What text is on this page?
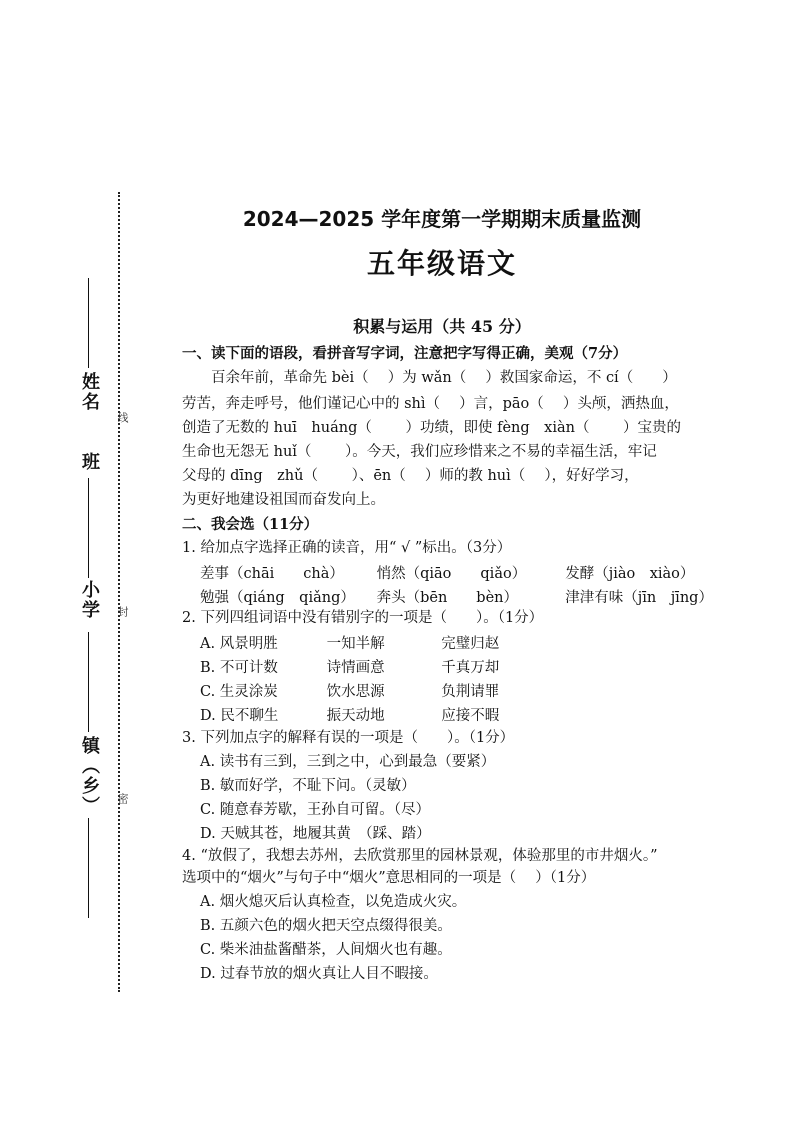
线
封
密
姓名
班
小学
镇（乡）
2024—2025 学年度第一学期期末质量监测
五年级语文
积累与运用（共 45 分）
一、读下面的语段，看拼音写字词，注意把字写得正确，美观（7分）
　　百余年前，革命先 bèi（　 ）为 wǎn（　 ）救国家命运，不 cí（　　）
劳苦，奔走呼号，他们谨记心中的 shì（　 ）言，pāo（　 ）头颅，洒热血，
创造了无数的 huī　huáng（　　 ）功绩，即使 fèng　xiàn（　　 ）宝贵的
生命也无怨无 huǐ（　　 ）。今天，我们应珍惜来之不易的幸福生活，牢记
父母的 dīng　zhǔ（　　 ）、ēn（　 ）师的教 huì（　 ），好好学习，
为更好地建设祖国而奋发向上。
二、我会选（11分）
1. 给加点字选择正确的读音，用“ √ ”标出。（3分）
差事（chāi　　chà） 悄然（qiāo　　qiǎo）	发酵（jiào　xiào）
勉强（qiáng　qiǎng） 奔头（bēn　　bèn）	津津有味（jīn　jīng）
2. 下列四组词语中没有错别字的一项是（　　）。（1分）
A. 风景明胜	一知半解	完璧归赵
B. 不可计数	诗情画意	千真万却
C. 生灵涂炭	饮水思源	负荆请罪
D. 民不聊生	振天动地	应接不暇
3. 下列加点字的解释有误的一项是（　　）。（1分）
A. 读书有三到，三到之中，心到最急（要紧）
B. 敏而好学，不耻下问。（灵敏）
C. 随意春芳歇，王孙自可留。（尽）
D. 天贼其苍，地履其黄　（踩、踏）
4. “放假了，我想去苏州，去欣赏那里的园林景观，体验那里的市井烟火。”
选项中的“烟火”与句子中“烟火”意思相同的一项是（　 ）（1分）
A. 烟火熄灭后认真检查，以免造成火灾。
B. 五颜六色的烟火把天空点缀得很美。
C. 柴米油盐酱醋茶，人间烟火也有趣。
D. 过春节放的烟火真让人目不暇接。
